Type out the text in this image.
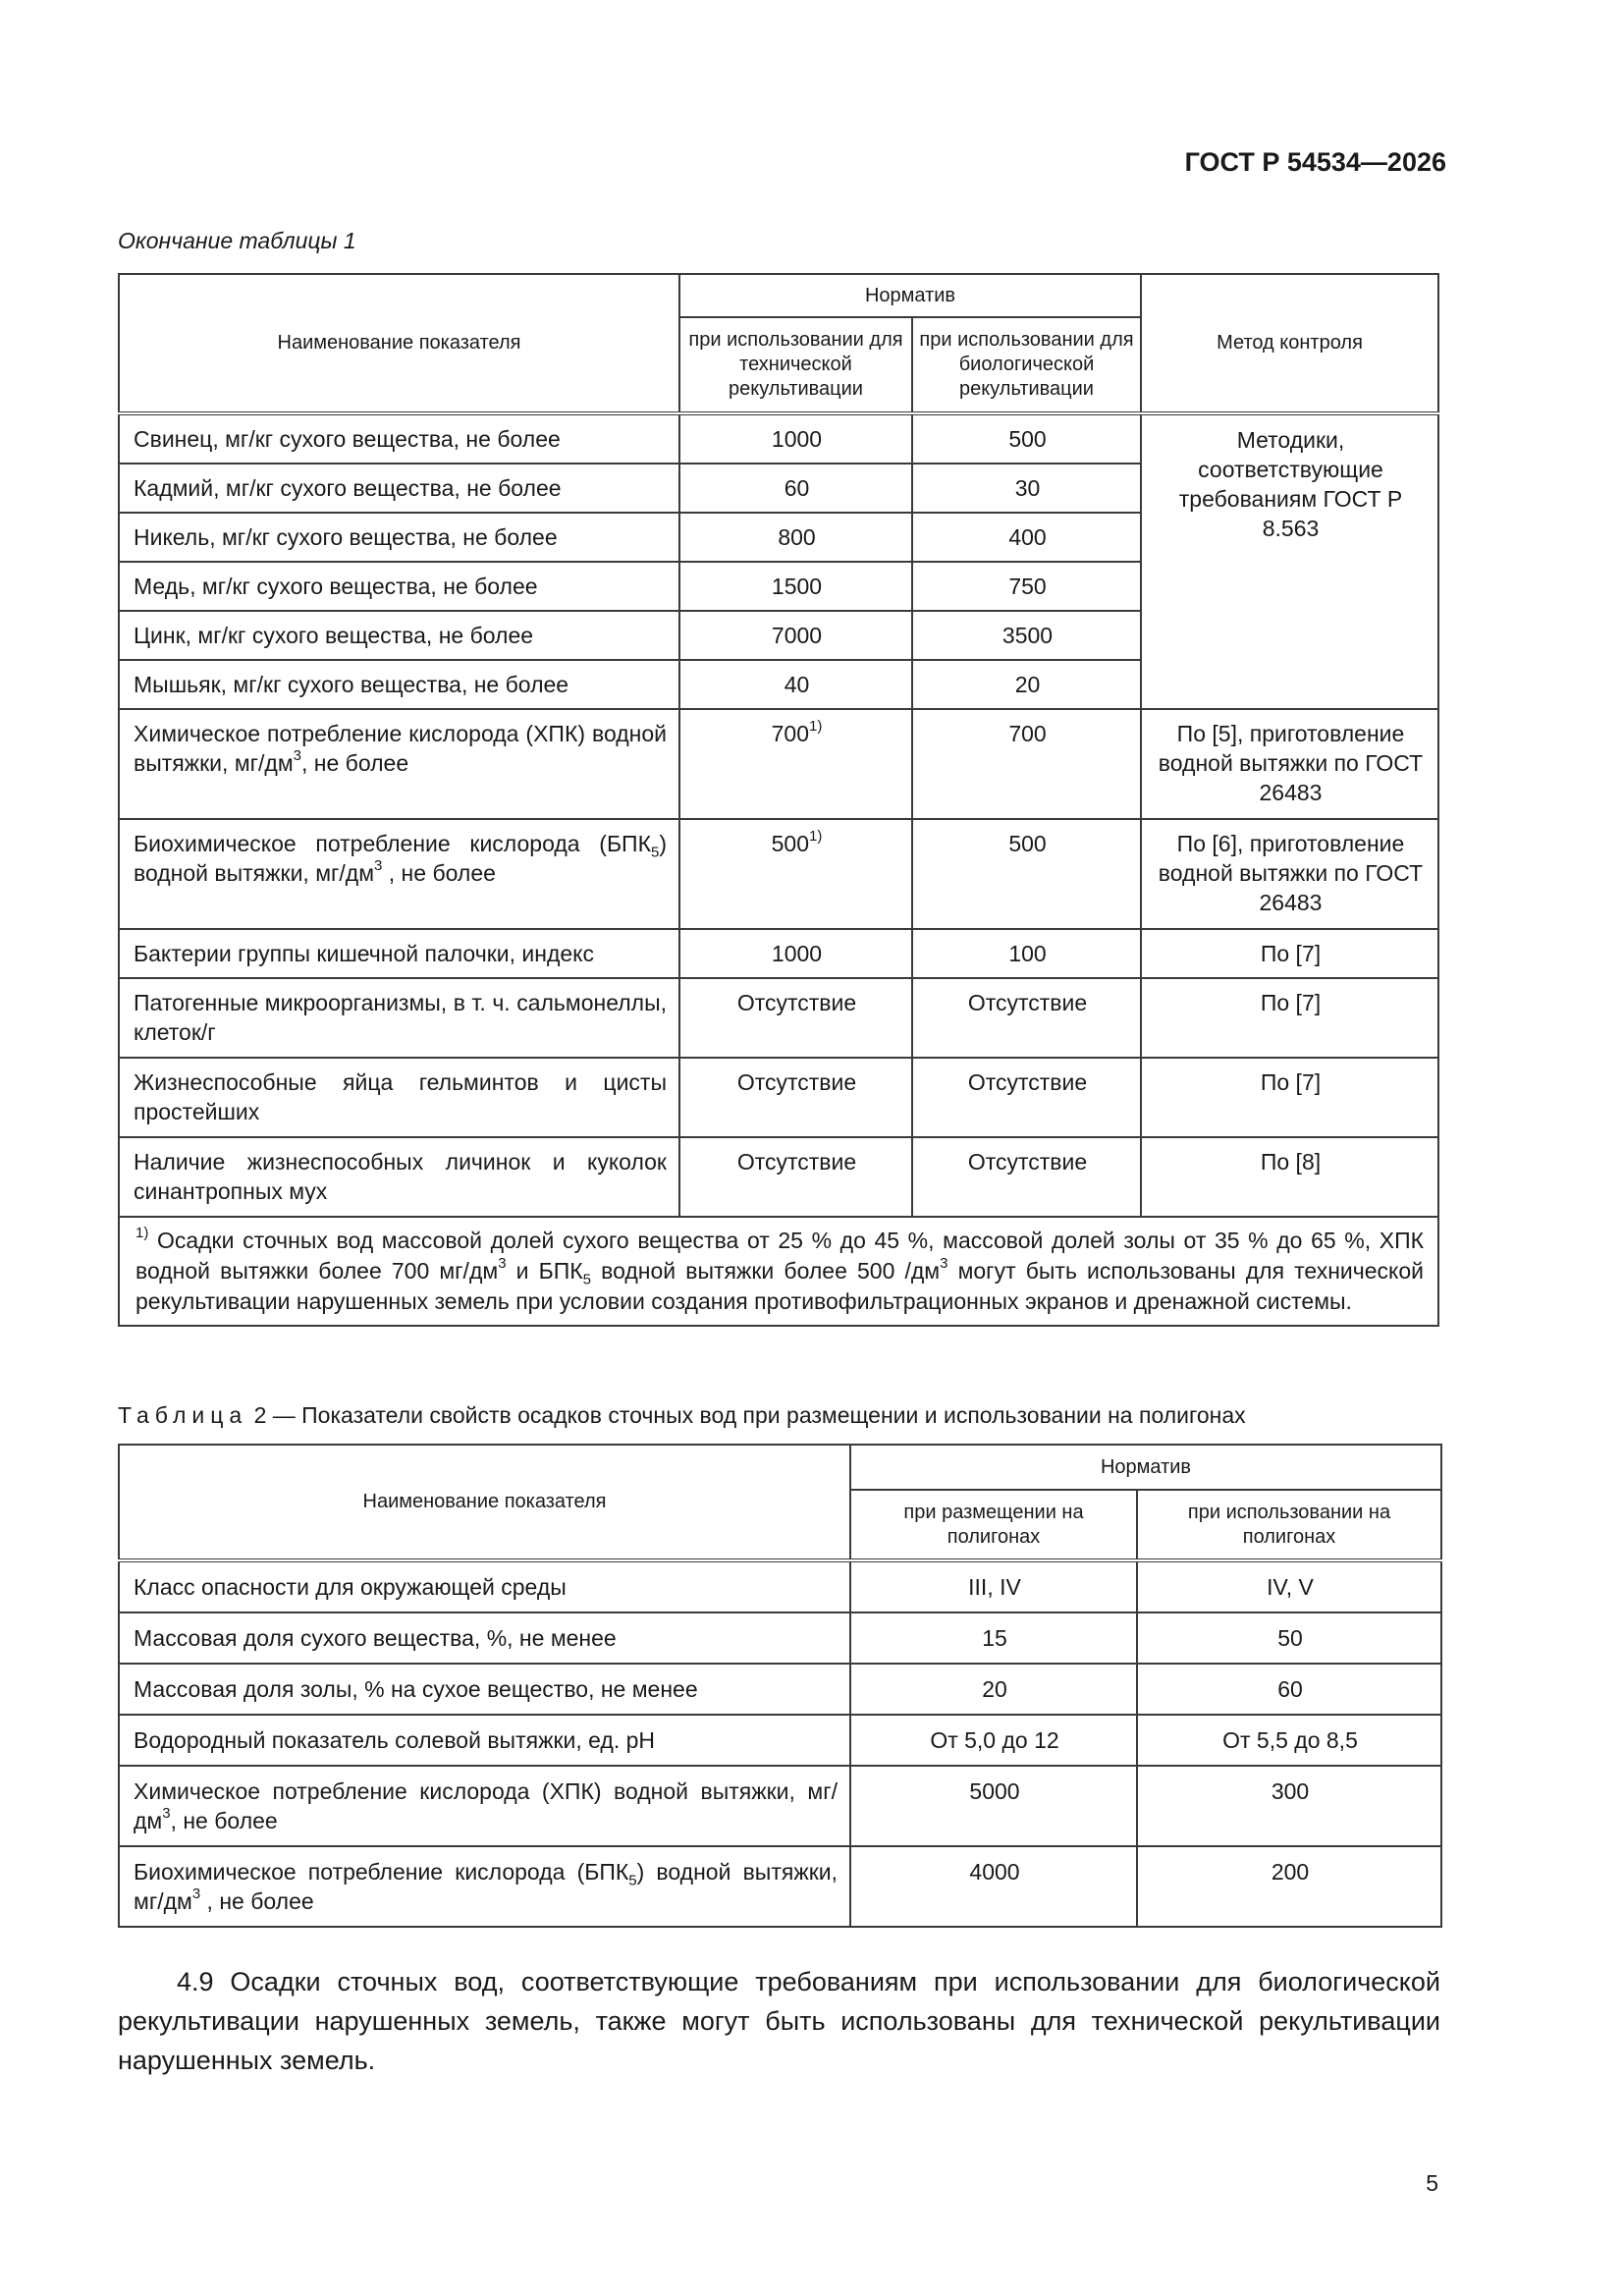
ГОСТ Р 54534—2026
Окончание таблицы 1
Наименование показателя	Норматив		Метод контроля
	при использовании для технической рекультивации	при использовании для биологической рекультивации	
Свинец, мг/кг сухого вещества, не более	1000	500	Методики, соответствующие требованиям ГОСТ Р 8.563
Кадмий, мг/кг сухого вещества, не более	60	30	
Никель, мг/кг сухого вещества, не более	800	400	
Медь, мг/кг сухого вещества, не более	1500	750	
Цинк, мг/кг сухого вещества, не более	7000	3500	
Мышьяк, мг/кг сухого вещества, не более	40	20	
Химическое потребление кислорода (ХПК) водной вытяжки, $мг/дм^3$, не более	700$^{1)}$	700	По [5], приготовление водной вытяжки по ГОСТ 26483
Биохимическое потребление кислорода $(БПК_5)$ водной вытяжки, $мг/дм^3$ , не более	500$^{1)}$	500	По [6], приготовление водной вытяжки по ГОСТ 26483
Бактерии группы кишечной палочки, индекс	1000	100	По [7]
Патогенные микроорганизмы, в т. ч. сальмонеллы, клеток/г	Отсутствие	Отсутствие	По [7]
Жизнеспособные яйца гельминтов и цисты простейших	Отсутствие	Отсутствие	По [7]
Наличие жизнеспособных личинок и куколок синантропных мух	Отсутствие	Отсутствие	По [8]
$^{1)}$ Осадки сточных вод массовой долей сухого вещества от 25 % до 45 %, массовой долей золы от 35 % до 65 %, ХПК водной вытяжки более 700 $мг/дм^3$ и $БПК_5$ водной вытяжки более 500 $/дм^3$ могут быть использованы для технической рекультивации нарушенных земель при условии создания противофильтрационных экранов и дренажной системы.			
Таблица 2 — Показатели свойств осадков сточных вод при размещении и использовании на полигонах
Наименование показателя	Норматив	
	при размещении на полигонах	при использовании на полигонах
Класс опасности для окружающей среды	III, IV	IV, V
Массовая доля сухого вещества, %, не менее	15	50
Массовая доля золы, % на сухое вещество, не менее	20	60
Водородный показатель солевой вытяжки, ед. pH	От 5,0 до 12	От 5,5 до 8,5
Химическое потребление кислорода (ХПК) водной вытяжки, $мг/дм^3$, не более	5000	300
Биохимическое потребление кислорода $(БПК_5)$ водной вытяжки, $мг/дм^3$ , не более	4000	200
4.9 Осадки сточных вод, соответствующие требованиям при использовании для биологической рекультивации нарушенных земель, также могут быть использованы для технической рекультивации нарушенных земель.
5
